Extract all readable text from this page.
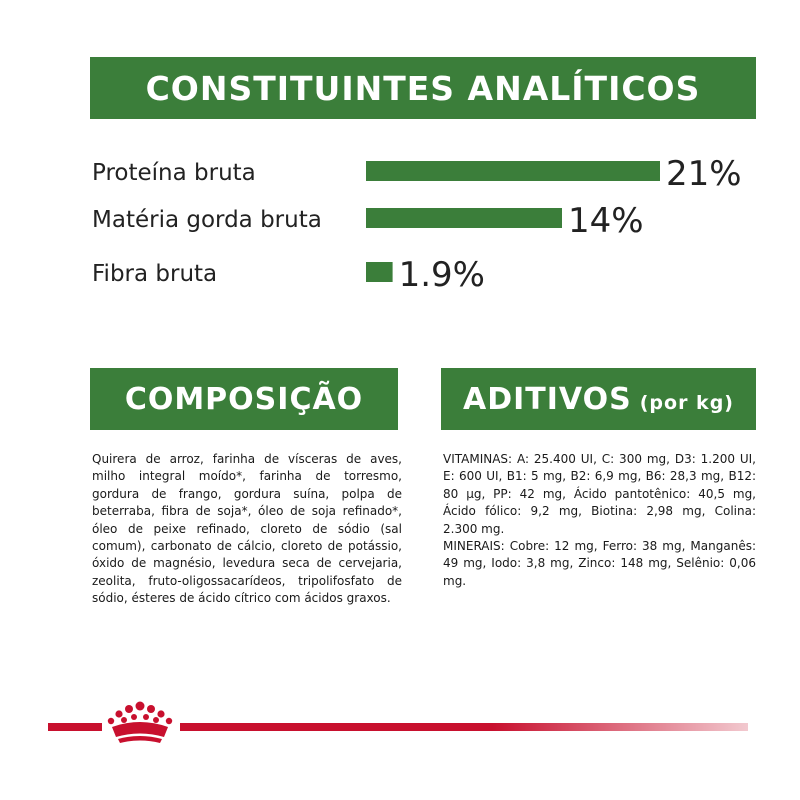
CONSTITUINTES ANALÍTICOS
Proteína bruta	21%
Matéria gorda bruta	14%
Fibra bruta	1.9%
COMPOSIÇÃO	ADITIVOS (por kg)

Quirera de arroz, farinha de vísceras de aves, milho integral moído*, farinha de torresmo, gordura de frango, gordura suína, polpa de beterraba, fibra de soja*, óleo de soja refinado*, óleo de peixe refinado, cloreto de sódio (sal comum), carbonato de cálcio, cloreto de potássio, óxido de magnésio, levedura seca de cervejaria, zeolita, fruto-oligossacarídeos, tripolifosfato de sódio, ésteres de ácido cítrico com ácidos graxos.

VITAMINAS: A: 25.400 UI, C: 300 mg, D3: 1.200 UI, E: 600 UI, B1: 5 mg, B2: 6,9 mg, B6: 28,3 mg, B12: 80 µg, PP: 42 mg, Ácido pantotênico: 40,5 mg, Ácido fólico: 9,2 mg, Biotina: 2,98 mg, Colina: 2.300 mg.

MINERAIS: Cobre: 12 mg, Ferro: 38 mg, Manganês: 49 mg, Iodo: 3,8 mg, Zinco: 148 mg, Selênio: 0,06 mg.
